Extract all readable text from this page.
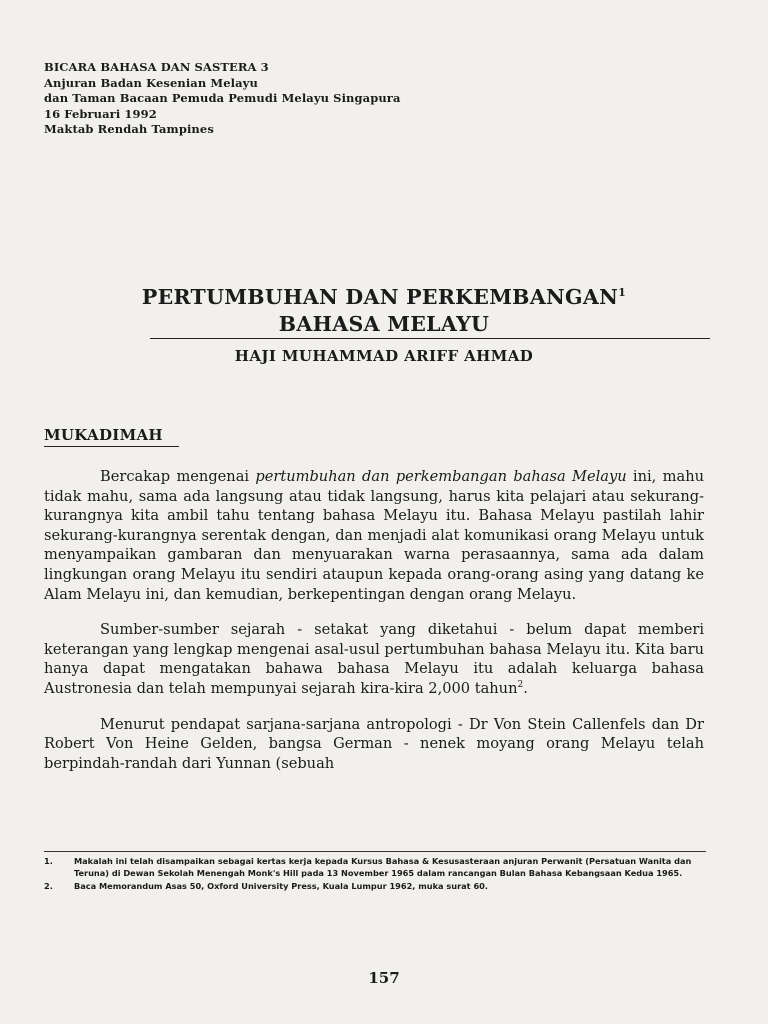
BICARA BAHASA DAN SASTERA 3
Anjuran Badan Kesenian Melayu
dan Taman Bacaan Pemuda Pemudi Melayu Singapura
16 Februari 1992
Maktab Rendah Tampines
PERTUMBUHAN DAN PERKEMBANGAN$^1$
BAHASA MELAYU
HAJI MUHAMMAD ARIFF AHMAD
MUKADIMAH

Bercakap mengenai pertumbuhan dan perkembangan bahasa Melayu ini, mahu tidak mahu, sama ada langsung atau tidak langsung, harus kita pelajari atau sekurang-kurangnya kita ambil tahu tentang bahasa Melayu itu. Bahasa Melayu pastilah lahir sekurang-kurangnya serentak dengan, dan menjadi alat komunikasi orang Melayu untuk menyampaikan gambaran dan menyuarakan warna perasaannya, sama ada dalam lingkungan orang Melayu itu sendiri ataupun kepada orang-orang asing yang datang ke Alam Melayu ini, dan kemudian, berkepentingan dengan orang Melayu.

Sumber-sumber sejarah - setakat yang diketahui - belum dapat memberi keterangan yang lengkap mengenai asal-usul pertumbuhan bahasa Melayu itu. Kita baru hanya dapat mengatakan bahawa bahasa Melayu itu adalah keluarga bahasa Austronesia dan telah mempunyai sejarah kira-kira 2,000 tahun$^2$.

Menurut pendapat sarjana-sarjana antropologi - Dr Von Stein Callenfels dan Dr Robert Von Heine Gelden, bangsa German - nenek moyang orang Melayu telah berpindah-randah dari Yunnan (sebuah

1.	Makalah ini telah disampaikan sebagai kertas kerja kepada Kursus Bahasa & Kesusasteraan anjuran Perwanit (Persatuan Wanita dan Teruna) di Dewan Sekolah Menengah Monk's Hill pada 13 November 1965 dalam rancangan Bulan Bahasa Kebangsaan Kedua 1965.
2.	Baca Memorandum Asas 50, Oxford University Press, Kuala Lumpur 1962, muka surat 60.
157
